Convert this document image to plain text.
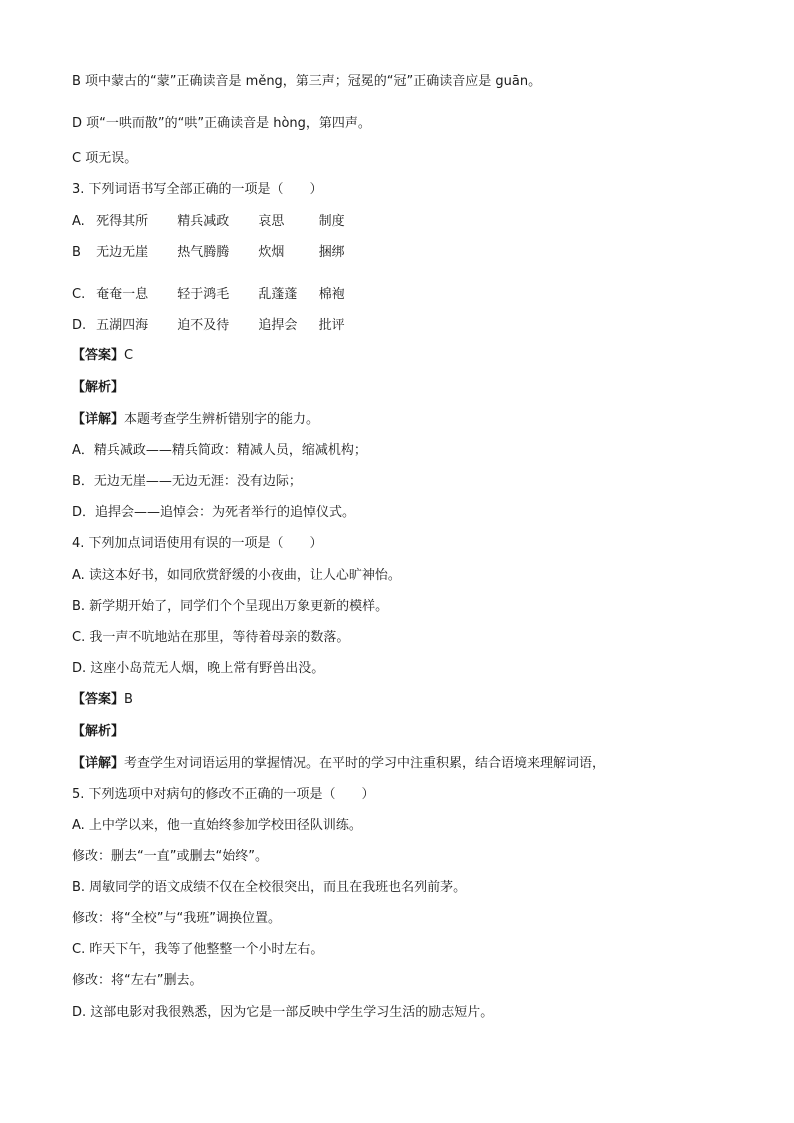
B 项中蒙古的“蒙”正确读音是 měng，第三声；冠冕的“冠”正确读音应是 guān。
D 项“一哄而散”的“哄”正确读音是 hòng，第四声。
C 项无误。
3. 下列词语书写全部正确的一项是（　　）
A. 死得其所 精兵减政 哀思	制度
B 无边无崖 热气腾腾 炊烟	捆绑
C. 奄奄一息 轻于鸿毛 乱蓬蓬 棉袍
D. 五湖四海 迫不及待 追捍会 批评
【答案】C
【解析】
【详解】本题考查学生辨析错别字的能力。
A．精兵减政——精兵简政：精减人员，缩减机构；
B．无边无崖——无边无涯：没有边际；
D．追捍会——追悼会：为死者举行的追悼仪式。
4. 下列加点词语使用有误的一项是（　　）
A. 读这本好书，如同欣赏舒缓的小夜曲，让人心旷神怡。
B. 新学期开始了，同学们个个呈现出万象更新的模样。
C. 我一声不吭地站在那里，等待着母亲的数落。
D. 这座小岛荒无人烟，晚上常有野兽出没。
【答案】B
【解析】
【详解】考查学生对词语运用的掌握情况。在平时的学习中注重积累，结合语境来理解词语，
5. 下列选项中对病句的修改不正确的一项是（　　）
A. 上中学以来，他一直始终参加学校田径队训练。
修改：删去“一直”或删去“始终”。
B. 周敏同学的语文成绩不仅在全校很突出，而且在我班也名列前茅。
修改：将“全校”与“我班”调换位置。
C. 昨天下午，我等了他整整一个小时左右。
修改：将“左右”删去。
D. 这部电影对我很熟悉，因为它是一部反映中学生学习生活的励志短片。
